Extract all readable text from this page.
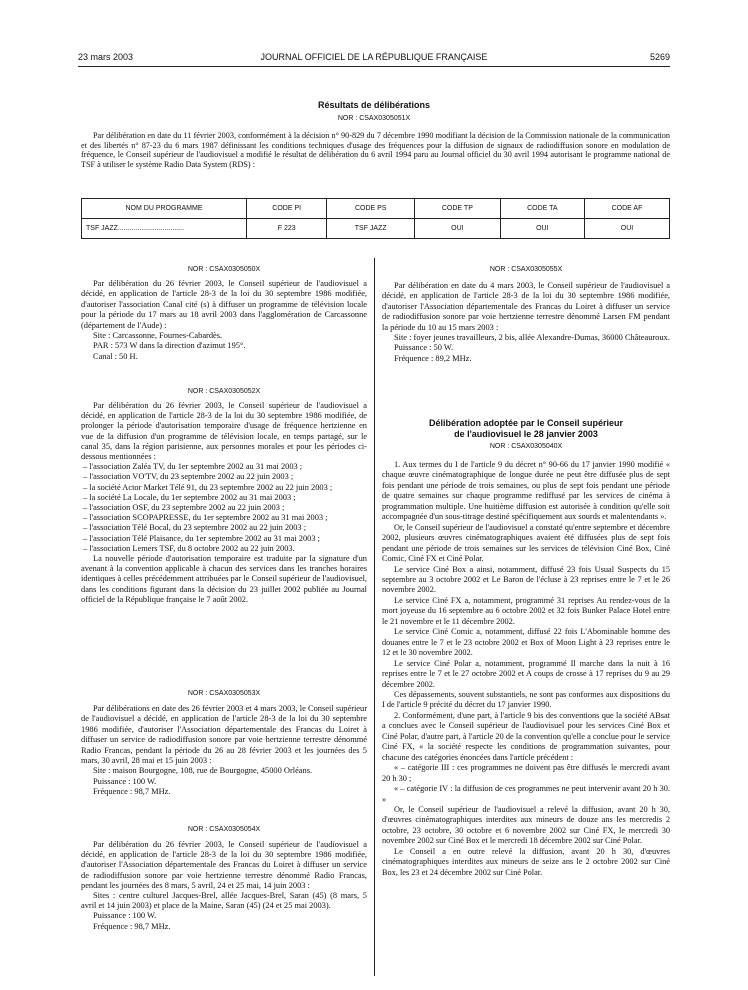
23 mars 2003	JOURNAL OFFICIEL DE LA RÉPUBLIQUE FRANÇAISE	5269
Résultats de délibérations
NOR : CSAX0305051X

Par délibération en date du 11 février 2003, conformément à la décision n° 90-829 du 7 décembre 1990 modifiant la décision de la Commission nationale de la communication et des libertés n° 87-23 du 6 mars 1987 définissant les conditions techniques d'usage des fréquences pour la diffusion de signaux de radiodiffusion sonore en modulation de fréquence, le Conseil supérieur de l'audiovisuel a modifié le résultat de délibération du 6 avril 1994 paru au Journal officiel du 30 avril 1994 autorisant le programme national de TSF à utiliser le système Radio Data System (RDS) :

NOM DU PROGRAMME	CODE PI	CODE PS	CODE TP	CODE TA	CODE AF
TSF JAZZ..................................	F 223	TSF JAZZ	OUI	OUI	OUI
NOR : CSAX0305050X

Par délibération du 26 février 2003, le Conseil supérieur de l'audiovisuel a décidé, en application de l'article 28-3 de la loi du 30 septembre 1986 modifiée, d'autoriser l'association Canal cité (s) à diffuser un programme de télévision locale pour la période du 17 mars au 18 avril 2003 dans l'agglomération de Carcassonne (département de l'Aude) :

Site : Carcassonne, Fournes-Cabardès.

PAR : 573 W dans la direction d'azimut 195°.

Canal : 50 H.

NOR : CSAX0305052X

Par délibération du 26 février 2003, le Conseil supérieur de l'audiovisuel a décidé, en application de l'article 28-3 de la loi du 30 septembre 1986 modifiée, de prolonger la période d'autorisation temporaire d'usage de fréquence hertzienne en vue de la diffusion d'un programme de télévision locale, en temps partagé, sur le canal 35, dans la région parisienne, aux personnes morales et pour les périodes ci-dessous mentionnées :

– l'association Zaléa TV, du 1er septembre 2002 au 31 mai 2003 ;
– l'association VO'TV, du 23 septembre 2002 au 22 juin 2003 ;
– la société Actor Market Télé 91, du 23 septembre 2002 au 22 juin 2003 ;
– la société La Locale, du 1er septembre 2002 au 31 mai 2003 ;
– l'association OSF, du 23 septembre 2002 au 22 juin 2003 ;
– l'association SCOPAPRESSE, du 1er septembre 2002 au 31 mai 2003 ;
– l'association Télé Bocal, du 23 septembre 2002 au 22 juin 2003 ;
– l'association Télé Plaisance, du 1er septembre 2002 au 31 mai 2003 ;
– l'association Lemers TSF, du 8 octobre 2002 au 22 juin 2003.

La nouvelle période d'autorisation temporaire est traduite par la signature d'un avenant à la convention applicable à chacun des services dans les tranches horaires identiques à celles précédemment attribuées par le Conseil supérieur de l'audiovisuel, dans les conditions figurant dans la décision du 23 juillet 2002 publiée au Journal officiel de la République française le 7 août 2002.

NOR : CSAX0305053X

Par délibérations en date des 26 février 2003 et 4 mars 2003, le Conseil supérieur de l'audiovisuel a décidé, en application de l'article 28-3 de la loi du 30 septembre 1986 modifiée, d'autoriser l'Association départementale des Francas du Loiret à diffuser un service de radiodiffusion sonore par voie hertzienne terrestre dénommé Radio Francas, pendant la période du 26 au 28 février 2003 et les journées des 5 mars, 30 avril, 28 mai et 15 juin 2003 :

Site : maison Bourgogne, 108, rue de Bourgogne, 45000 Orléans.

Puissance : 100 W.

Fréquence : 98,7 MHz.

NOR : CSAX0305054X

Par délibération du 26 février 2003, le Conseil supérieur de l'audiovisuel a décidé, en application de l'article 28-3 de la loi du 30 septembre 1986 modifiée, d'autoriser l'Association départementale des Francas du Loiret à diffuser un service de radiodiffusion sonore par voie hertzienne terrestre dénommé Radio Francas, pendant les journées des 8 mars, 5 avril, 24 et 25 mai, 14 juin 2003 :

Sites : centre culturel Jacques-Brel, allée Jacques-Brel, Saran (45) (8 mars, 5 avril et 14 juin 2003) et place de la Maine, Saran (45) (24 et 25 mai 2003).

Puissance : 100 W.

Fréquence : 98,7 MHz.

NOR : CSAX0305055X

Par délibération en date du 4 mars 2003, le Conseil supérieur de l'audiovisuel a décidé, en application de l'article 28-3 de la loi du 30 septembre 1986 modifiée, d'autoriser l'Association départementale des Francas du Loiret à diffuser un service de radiodiffusion sonore par voie hertzienne terrestre dénommé Larsen FM pendant la période du 10 au 15 mars 2003 :

Site : foyer jeunes travailleurs, 2 bis, allée Alexandre-Dumas, 36000 Châteauroux.

Puissance : 50 W.

Fréquence : 89,2 MHz.

Délibération adoptée par le Conseil supérieur
de l'audiovisuel le 28 janvier 2003
NOR : CSAX0305040X

1. Aux termes du I de l'article 9 du décret n° 90-66 du 17 janvier 1990 modifié « chaque œuvre cinématographique de longue durée ne peut être diffusée plus de sept fois pendant une période de trois semaines, ou plus de sept fois pendant une période de quatre semaines sur chaque programme rediffusé par les services de cinéma à programmation multiple. Une huitième diffusion est autorisée à condition qu'elle soit accompagnée d'un sous-titrage destiné spécifiquement aux sourds et malentendants ».

Or, le Conseil supérieur de l'audiovisuel a constaté qu'entre septembre et décembre 2002, plusieurs œuvres cinématographiques avaient été diffusées plus de sept fois pendant une période de trois semaines sur les services de télévision Ciné Box, Ciné Comic, Ciné FX et Ciné Polar.

Le service Ciné Box a ainsi, notamment, diffusé 23 fois Usual Suspects du 15 septembre au 3 octobre 2002 et Le Baron de l'écluse à 23 reprises entre le 7 et le 26 novembre 2002.

Le service Ciné FX a, notamment, programmé 31 reprises Au rendez-vous de la mort joyeuse du 16 septembre au 6 octobre 2002 et 32 fois Bunker Palace Hotel entre le 21 novembre et le 11 décembre 2002.

Le service Ciné Comic a, notamment, diffusé 22 fois L'Abominable homme des douanes entre le 7 et le 23 octobre 2002 et Box of Moon Light à 23 reprises entre le 12 et le 30 novembre 2002.

Le service Ciné Polar a, notamment, programmé Il marche dans la nuit à 16 reprises entre le 7 et le 27 octobre 2002 et A coups de crosse à 17 reprises du 9 au 29 décembre 2002.

Ces dépassements, souvent substantiels, ne sont pas conformes aux dispositions du I de l'article 9 précité du décret du 17 janvier 1990.

2. Conformément, d'une part, à l'article 9 bis des conventions que la société ABsat a conclues avec le Conseil supérieur de l'audiovisuel pour les services Ciné Box et Ciné Polar, d'autre part, à l'article 20 de la convention qu'elle a conclue pour le service Ciné FX, « la société respecte les conditions de programmation suivantes, pour chacune des catégories énoncées dans l'article précédent :

« – catégorie III : ces programmes ne doivent pas être diffusés le mercredi avant 20 h 30 ;

« – catégorie IV : la diffusion de ces programmes ne peut intervenir avant 20 h 30. »

Or, le Conseil supérieur de l'audiovisuel a relevé la diffusion, avant 20 h 30, d'œuvres cinématographiques interdites aux mineurs de douze ans les mercredis 2 octobre, 23 octobre, 30 octobre et 6 novembre 2002 sur Ciné FX, le mercredi 30 novembre 2002 sur Ciné Box et le mercredi 18 décembre 2002 sur Ciné Polar.

Le Conseil a en outre relevé la diffusion, avant 20 h 30, d'œuvres cinématographiques interdites aux mineurs de seize ans le 2 octobre 2002 sur Ciné Box, les 23 et 24 décembre 2002 sur Ciné Polar.
